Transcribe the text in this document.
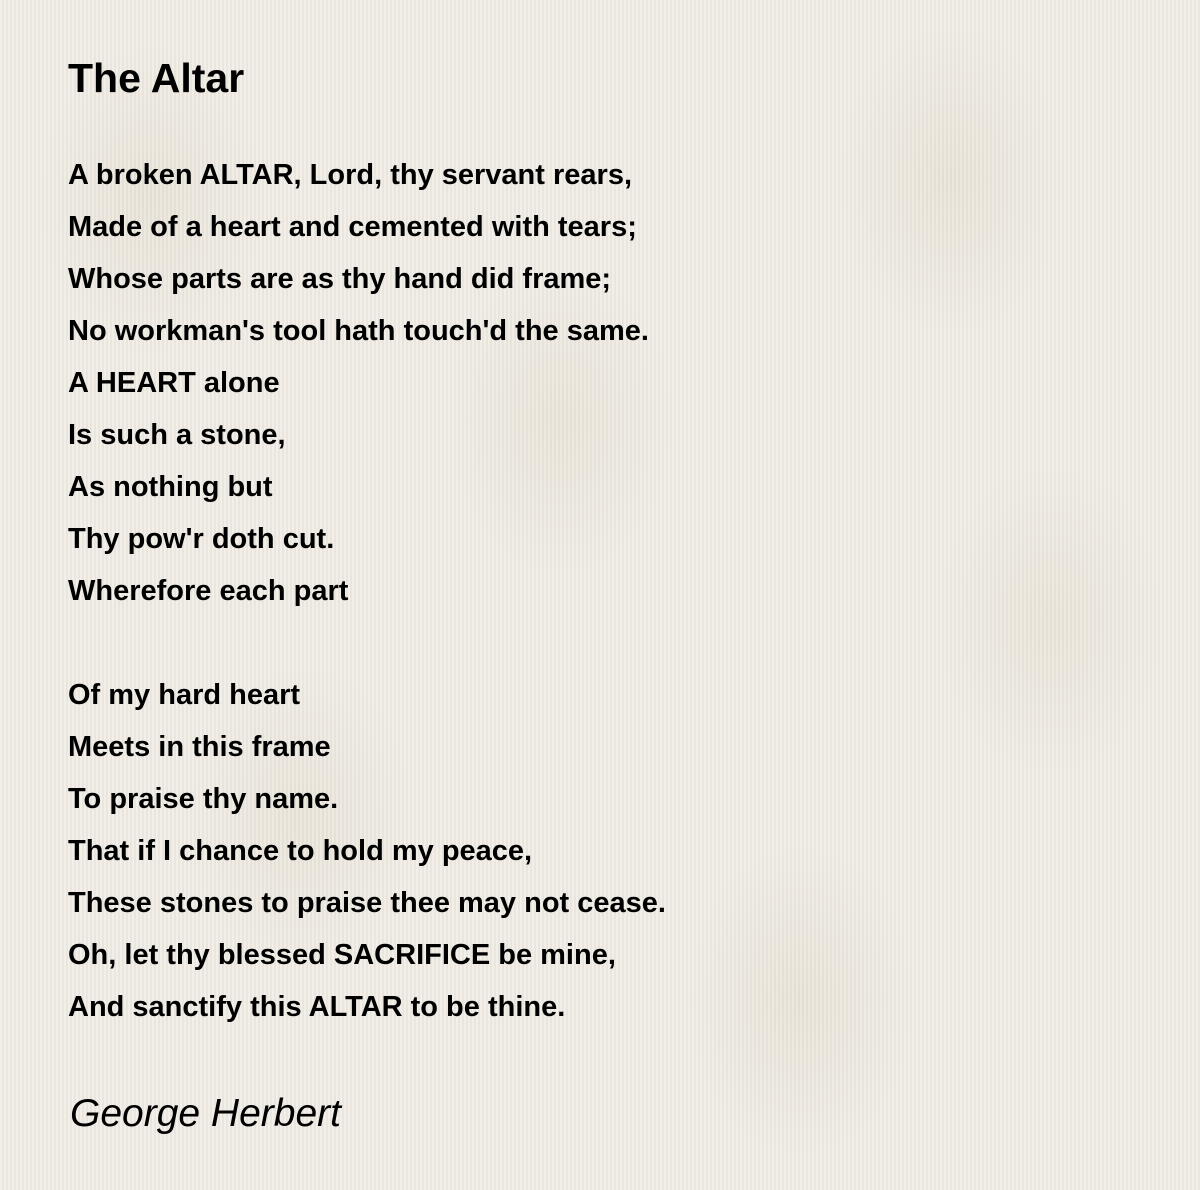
The Altar
A broken ALTAR, Lord, thy servant rears,
Made of a heart and cemented with tears;
Whose parts are as thy hand did frame;
No workman's tool hath touch'd the same.
A HEART alone
Is such a stone,
As nothing but
Thy pow'r doth cut.
Wherefore each part
Of my hard heart
Meets in this frame
To praise thy name.
That if I chance to hold my peace,
These stones to praise thee may not cease.
Oh, let thy blessed SACRIFICE be mine,
And sanctify this ALTAR to be thine.

George Herbert
